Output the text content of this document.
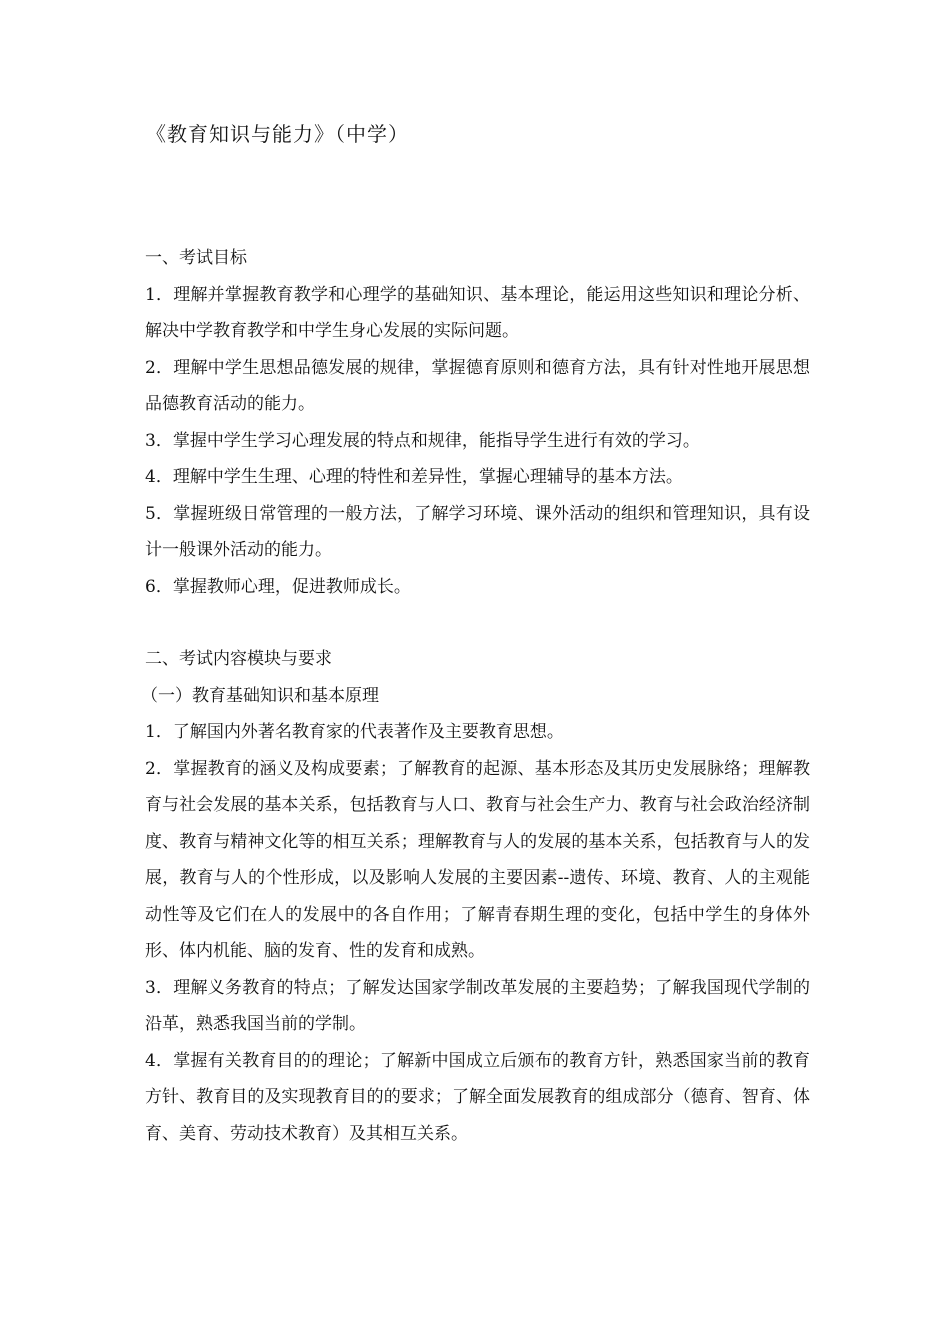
《教育知识与能力》（中学）

一、考试目标

1．理解并掌握教育教学和心理学的基础知识、基本理论，能运用这些知识和理论分析、解决中学教育教学和中学生身心发展的实际问题。

2．理解中学生思想品德发展的规律，掌握德育原则和德育方法，具有针对性地开展思想品德教育活动的能力。

3．掌握中学生学习心理发展的特点和规律，能指导学生进行有效的学习。

4．理解中学生生理、心理的特性和差异性，掌握心理辅导的基本方法。

5．掌握班级日常管理的一般方法，了解学习环境、课外活动的组织和管理知识，具有设计一般课外活动的能力。

6．掌握教师心理，促进教师成长。

二、考试内容模块与要求

（一）教育基础知识和基本原理

1．了解国内外著名教育家的代表著作及主要教育思想。

2．掌握教育的涵义及构成要素；了解教育的起源、基本形态及其历史发展脉络；理解教育与社会发展的基本关系，包括教育与人口、教育与社会生产力、教育与社会政治经济制度、教育与精神文化等的相互关系；理解教育与人的发展的基本关系，包括教育与人的发展，教育与人的个性形成，以及影响人发展的主要因素--遗传、环境、教育、人的主观能动性等及它们在人的发展中的各自作用；了解青春期生理的变化，包括中学生的身体外形、体内机能、脑的发育、性的发育和成熟。

3．理解义务教育的特点；了解发达国家学制改革发展的主要趋势；了解我国现代学制的沿革，熟悉我国当前的学制。

4．掌握有关教育目的的理论；了解新中国成立后颁布的教育方针，熟悉国家当前的教育方针、教育目的及实现教育目的的要求；了解全面发展教育的组成部分（德育、智育、体育、美育、劳动技术教育）及其相互关系。
